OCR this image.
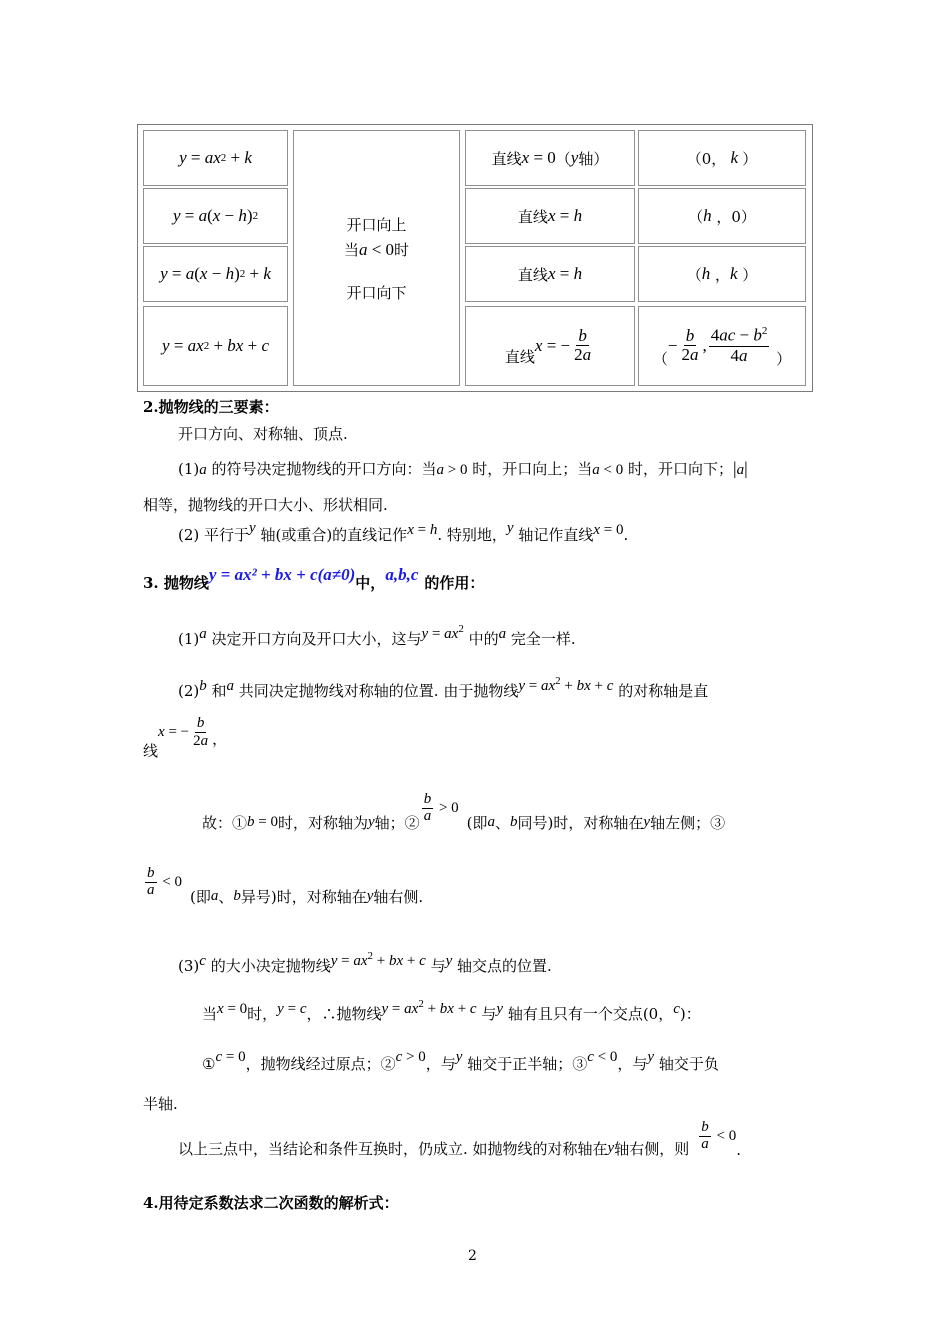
y = ax 2 + k
y = a ( x − h ) 2
y = a ( x − h ) 2 + k
y = ax 2 + bx + c
开口向上
当a < 0时
开口向下
直线 x = 0 （ y 轴）
直线 x = h
直线 x = h
直线
x = − $\frac{b}{2a}$
（0， k ）
（ h ，0）
（ h ， k ）
（
− $\frac{b}{2a}$ , $\frac{4ac - b^2}{4a}$ ）
2.抛物线的三要素：
开口方向、对称轴、顶点.
(1)a 的符号决定抛物线的开口方向：当a > 0 时，开口向上；当a < 0 时，开口向下；|a|
相等，抛物线的开口大小、形状相同.
(2) 平行于y 轴(或重合)的直线记作x = h. 特别地，y 轴记作直线x = 0.
3. 抛物线y = ax² + bx + c(a≠0)中，a,b,c 的作用：
(1)a 决定开口方向及开口大小，这与$y = ax^2$ 中的a 完全一样.
(2)b 和a 共同决定抛物线对称轴的位置. 由于抛物线$y = ax^2$ + bx + c 的对称轴是直
线
x = − $\frac{b}{2a}$ ，
故：① b = 0 时，对称轴为 y 轴；② $\frac{b}{a} > 0$
(即 a 、 b 同号)时，对称轴在 y 轴左侧；③
$\frac{b}{a} < 0$
(即 a 、 b 异号)时，对称轴在 y 轴右侧.
(3)c 的大小决定抛物线$y = ax^2$ + bx + c 与y 轴交点的位置.
当x = 0时，y = c，∴抛物线$y = ax^2$ + bx + c 与y 轴有且只有一个交点(0，c)：
①c = 0，抛物线经过原点；②c > 0，与y 轴交于正半轴；③c < 0，与y 轴交于负
半轴.
以上三点中，当结论和条件互换时，仍成立. 如抛物线的对称轴在 y 轴右侧，则 $\frac{b}{a} < 0$
.
4.用待定系数法求二次函数的解析式：
2
